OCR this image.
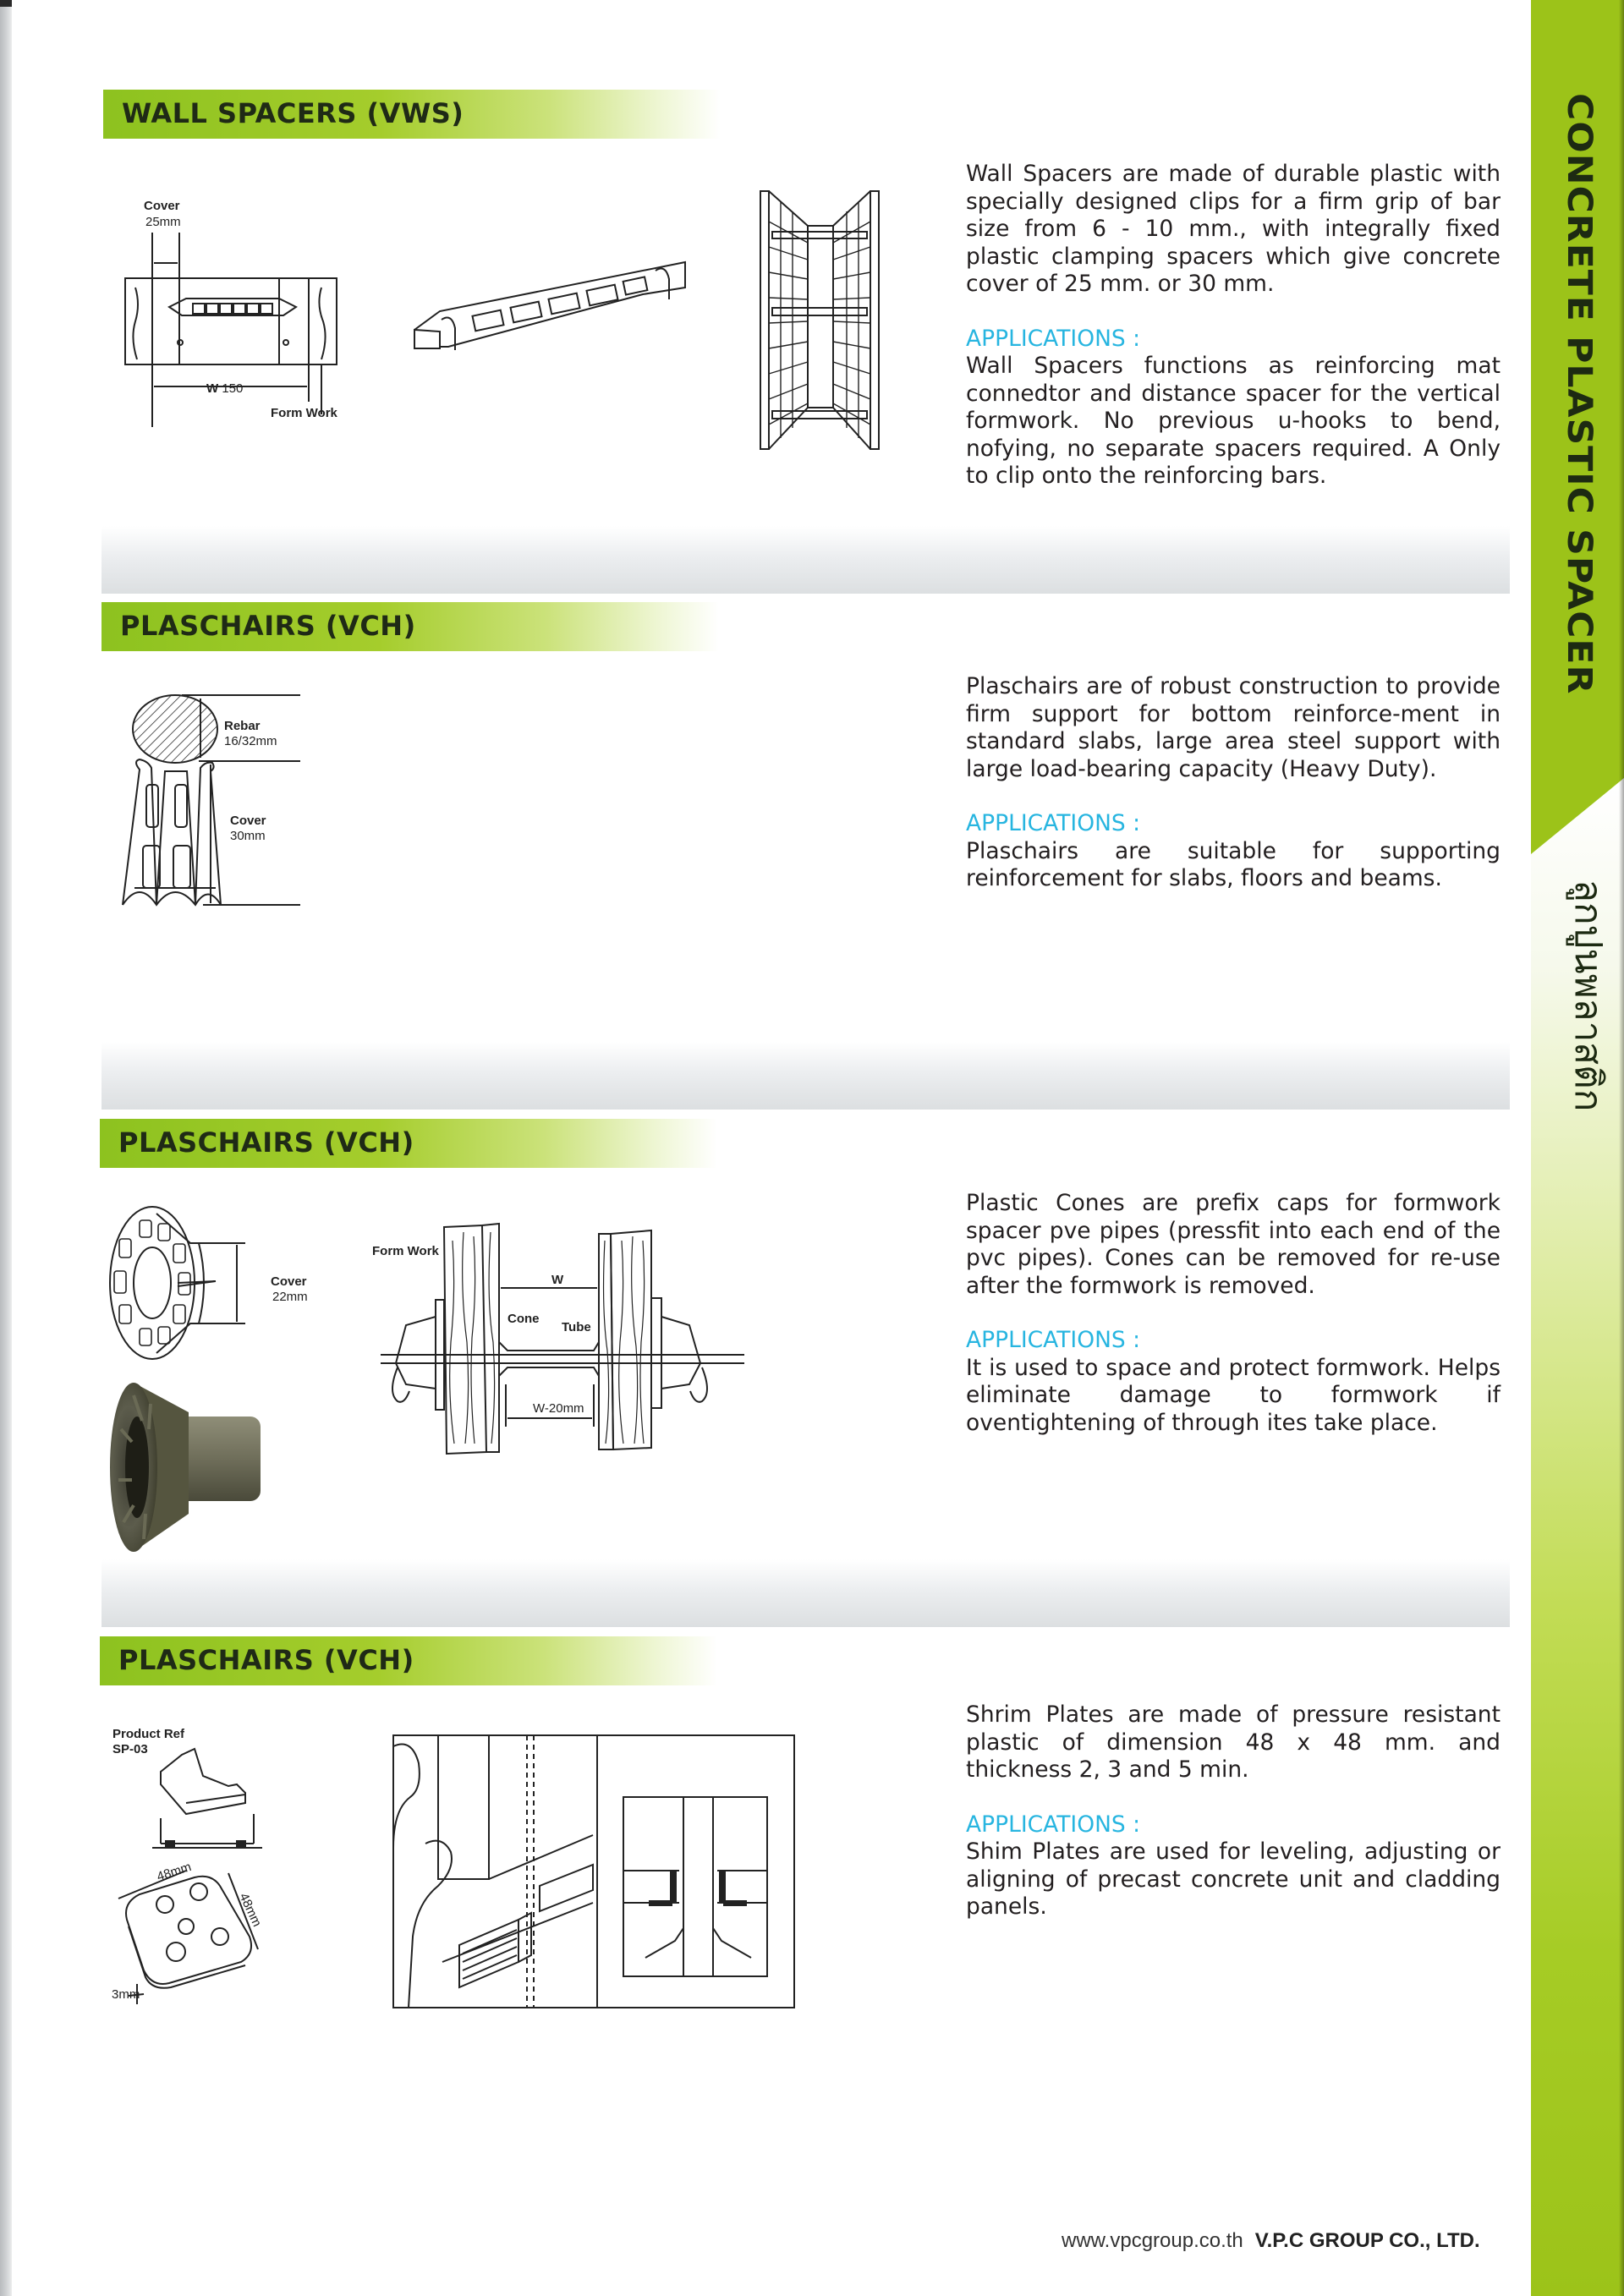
CONCRETE PLASTIC SPACER
ลูกปูนพลาสติก
WALL SPACERS (VWS)
Cover
25mm
W 150
Form Work

Wall Spacers are made of durable plastic with specially designed clips for a firm grip of bar size from 6 - 10 mm., with integrally fixed plastic clamping spacers which give concrete cover of 25 mm. or 30 mm.

APPLICATIONS :

Wall Spacers functions as reinforcing mat connedtor and distance spacer for the vertical formwork. No previous u-hooks to bend, nofying, no separate spacers required. A Only to clip onto the reinforcing bars.

PLASCHAIRS (VCH)
Rebar
16/32mm
Cover
30mm

Plaschairs are of robust construction to provide firm support for bottom reinforce-ment in standard slabs, large area steel support with large load-bearing capacity (Heavy Duty).

APPLICATIONS :

Plaschairs are suitable for supporting reinforcement for slabs, floors and beams.

PLASCHAIRS (VCH)
Cover
22mm
Form Work
W
Cone
Tube
W-20mm

Plastic Cones are prefix caps for formwork spacer pve pipes (pressfit into each end of the pvc pipes). Cones can be removed for re-use after the formwork is removed.

APPLICATIONS :

It is used to space and protect formwork. Helps eliminate damage to formwork if oventightening of through ites take place.

PLASCHAIRS (VCH)
Product Ref
SP-03
48mm
48mm
3mm

Shrim Plates are made of pressure resistant plastic of dimension 48 x 48 mm. and thickness 2, 3 and 5 min.

APPLICATIONS :

Shim Plates are used for leveling, adjusting or aligning of precast concrete unit and cladding panels.

www.vpcgroup.co.th V.P.C GROUP CO., LTD.
